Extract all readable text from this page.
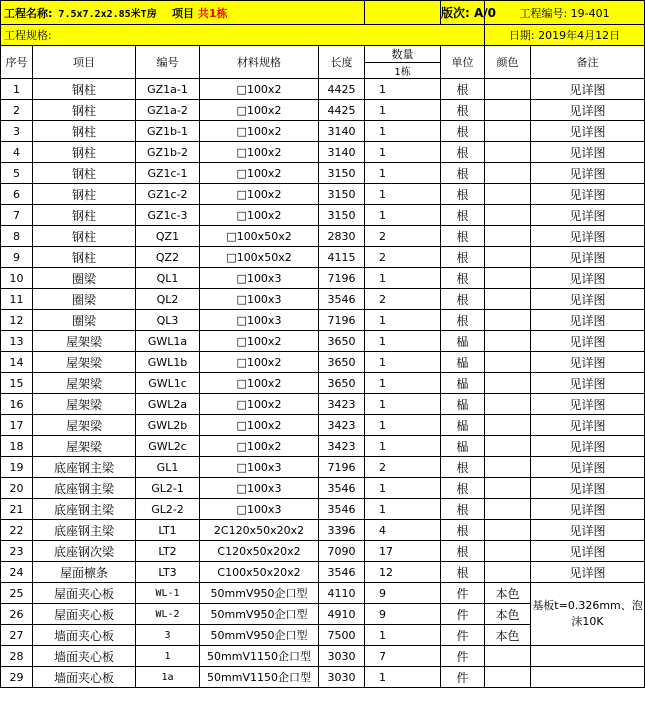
工程名称: 7.5x7.2x2.85米T房 项目 共1栋						版次: A/0	工程编号: 19-401	
工程规格:							日期: 2019年4月12日	
序号	项目	编号	材料规格	长度	数量	单位	颜色	备注
					1栋			
1	钢柱	GZ1a-1	□100x2	4425	1	根		见详图
2	钢柱	GZ1a-2	□100x2	4425	1	根		见详图
3	钢柱	GZ1b-1	□100x2	3140	1	根		见详图
4	钢柱	GZ1b-2	□100x2	3140	1	根		见详图
5	钢柱	GZ1c-1	□100x2	3150	1	根		见详图
6	钢柱	GZ1c-2	□100x2	3150	1	根		见详图
7	钢柱	GZ1c-3	□100x2	3150	1	根		见详图
8	钢柱	QZ1	□100x50x2	2830	2	根		见详图
9	钢柱	QZ2	□100x50x2	4115	2	根		见详图
10	圈梁	QL1	□100x3	7196	1	根		见详图
11	圈梁	QL2	□100x3	3546	2	根		见详图
12	圈梁	QL3	□100x3	7196	1	根		见详图
13	屋架梁	GWL1a	□100x2	3650	1	榀		见详图
14	屋架梁	GWL1b	□100x2	3650	1	榀		见详图
15	屋架梁	GWL1c	□100x2	3650	1	榀		见详图
16	屋架梁	GWL2a	□100x2	3423	1	榀		见详图
17	屋架梁	GWL2b	□100x2	3423	1	榀		见详图
18	屋架梁	GWL2c	□100x2	3423	1	榀		见详图
19	底座钢主梁	GL1	□100x3	7196	2	根		见详图
20	底座钢主梁	GL2-1	□100x3	3546	1	根		见详图
21	底座钢主梁	GL2-2	□100x3	3546	1	根		见详图
22	底座钢主梁	LT1	2C120x50x20x2	3396	4	根		见详图
23	底座钢次梁	LT2	C120x50x20x2	7090	17	根		见详图
24	屋面檩条	LT3	C100x50x20x2	3546	12	根		见详图
25	屋面夹心板	WL-1	50mmV950企口型	4110	9	件	本色	基板t=0.326mm、泡沫10K
26	屋面夹心板	WL-2	50mmV950企口型	4910	9	件	本色	
27	墙面夹心板	3	50mmV950企口型	7500	1	件	本色	
28	墙面夹心板	1	50mmV1150企口型	3030	7	件		
29	墙面夹心板	1a	50mmV1150企口型	3030	1	件		
